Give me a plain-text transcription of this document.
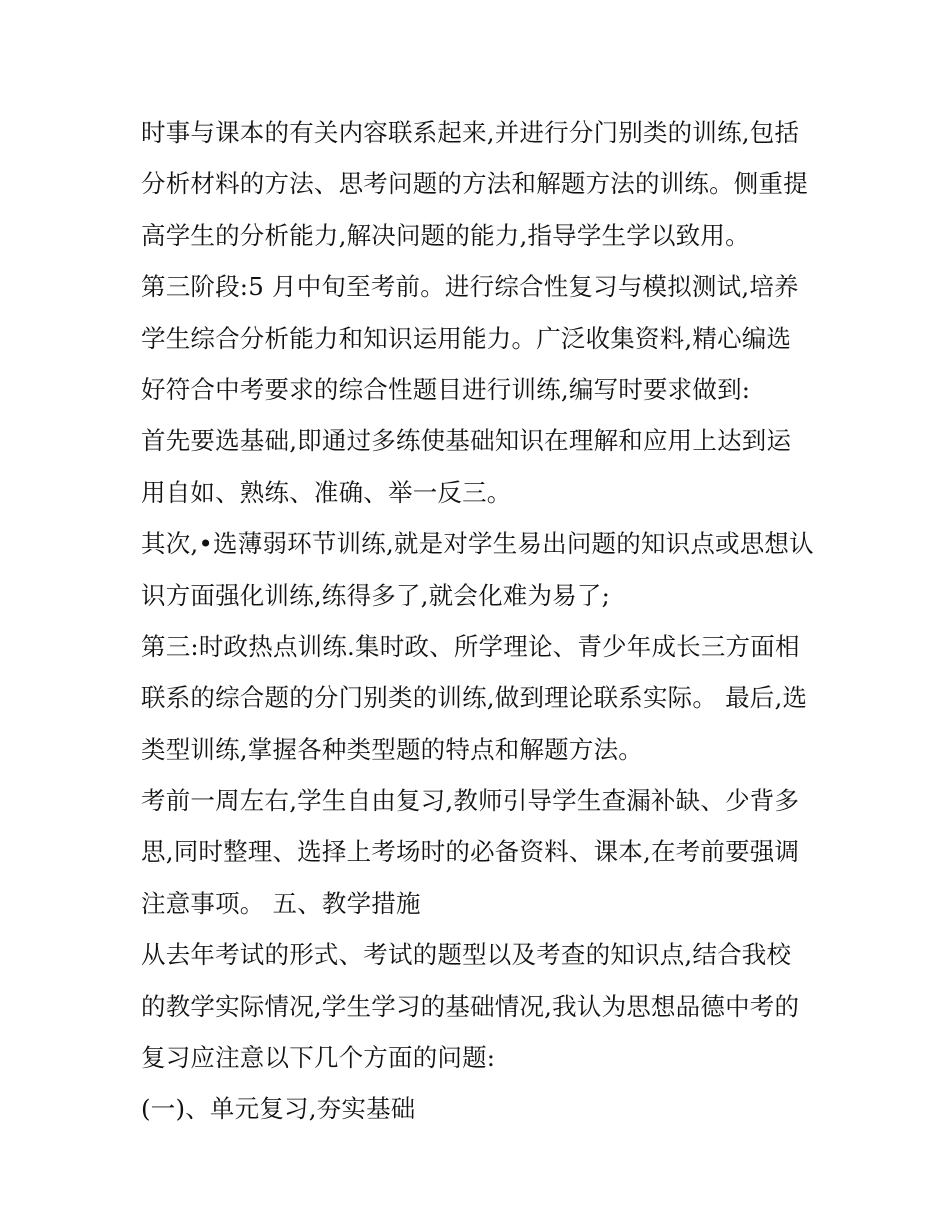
时事与课本的有关内容联系起来,并进行分门别类的训练,包括
分析材料的方法、思考问题的方法和解题方法的训练。侧重提
高学生的分析能力,解决问题的能力,指导学生学以致用。
第三阶段:5 月中旬至考前。进行综合性复习与模拟测试,培养
学生综合分析能力和知识运用能力。广泛收集资料,精心编选
好符合中考要求的综合性题目进行训练,编写时要求做到:
首先要选基础,即通过多练使基础知识在理解和应用上达到运
用自如、熟练、准确、举一反三。
其次,•选薄弱环节训练,就是对学生易出问题的知识点或思想认
识方面强化训练,练得多了,就会化难为易了;
第三:时政热点训练.集时政、所学理论、青少年成长三方面相
联系的综合题的分门别类的训练,做到理论联系实际。 最后,选
类型训练,掌握各种类型题的特点和解题方法。
考前一周左右,学生自由复习,教师引导学生查漏补缺、少背多
思,同时整理、选择上考场时的必备资料、课本,在考前要强调
注意事项。 五、教学措施
从去年考试的形式、考试的题型以及考查的知识点,结合我校
的教学实际情况,学生学习的基础情况,我认为思想品德中考的
复习应注意以下几个方面的问题:
(一)、单元复习,夯实基础
